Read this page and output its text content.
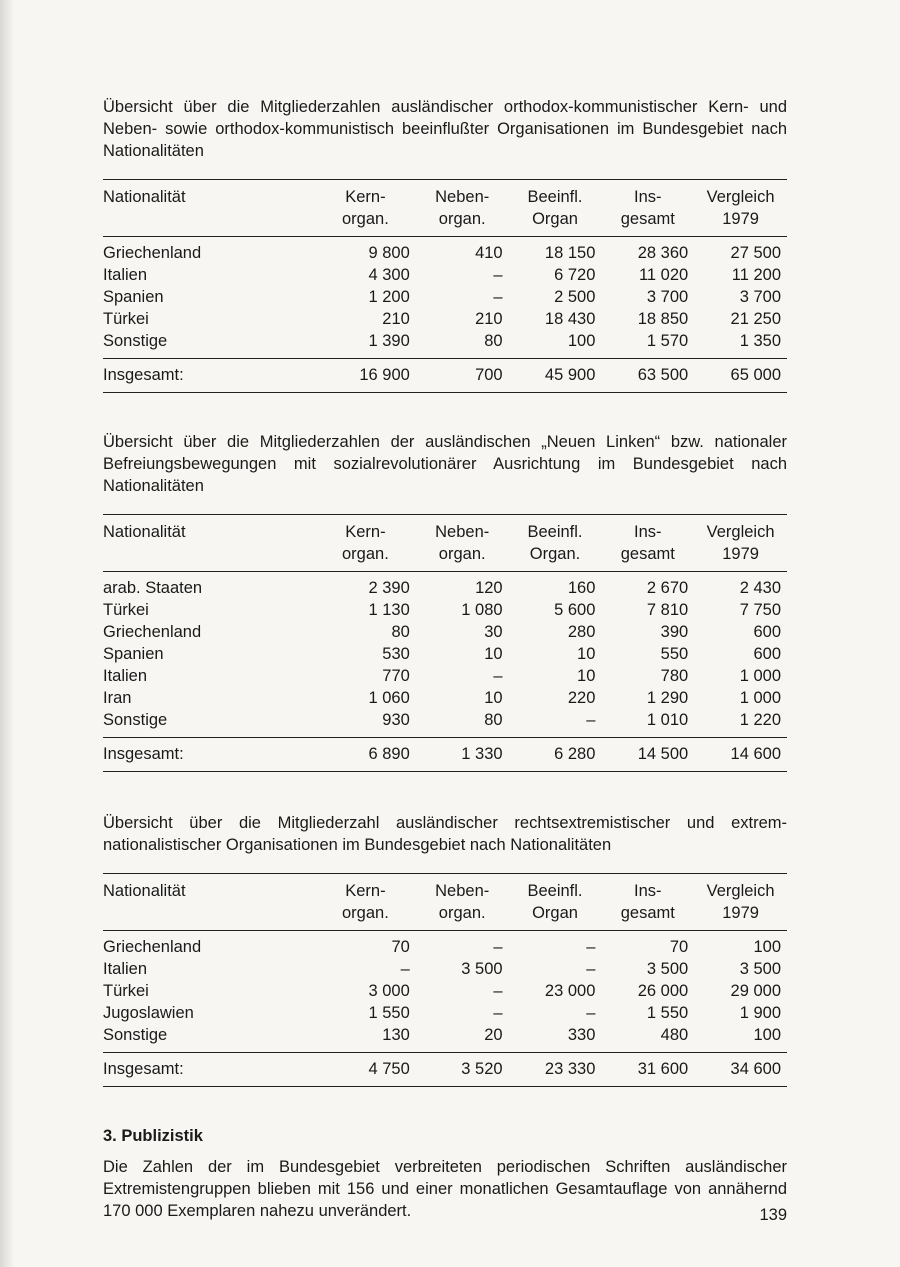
Übersicht über die Mitgliederzahlen ausländischer orthodox-kommunistischer Kern- und Neben- sowie orthodox-kommunistisch beeinflußter Organisationen im Bundesgebiet nach Nationalitäten

Nationalität	Kern-	Neben-	Beeinfl.	Ins-	Vergleich
	organ.	organ.	Organ	gesamt	1979
Griechenland	9 800	410	18 150	28 360	27 500
Italien	4 300	–	6 720	11 020	11 200
Spanien	1 200	–	2 500	3 700	3 700
Türkei	210	210	18 430	18 850	21 250
Sonstige	1 390	80	100	1 570	1 350
Insgesamt:	16 900	700	45 900	63 500	65 000

Übersicht über die Mitgliederzahlen der ausländischen „Neuen Linken“ bzw. nationaler Befreiungsbewegungen mit sozialrevolutionärer Ausrichtung im Bundesgebiet nach Nationalitäten

Nationalität	Kern-	Neben-	Beeinfl.	Ins-	Vergleich
	organ.	organ.	Organ.	gesamt	1979
arab. Staaten	2 390	120	160	2 670	2 430
Türkei	1 130	1 080	5 600	7 810	7 750
Griechenland	80	30	280	390	600
Spanien	530	10	10	550	600
Italien	770	–	10	780	1 000
Iran	1 060	10	220	1 290	1 000
Sonstige	930	80	–	1 010	1 220
Insgesamt:	6 890	1 330	6 280	14 500	14 600

Übersicht über die Mitgliederzahl ausländischer rechtsextremistischer und extrem-nationalistischer Organisationen im Bundesgebiet nach Nationalitäten

Nationalität	Kern-	Neben-	Beeinfl.	Ins-	Vergleich
	organ.	organ.	Organ	gesamt	1979
Griechenland	70	–	–	70	100
Italien	–	3 500	–	3 500	3 500
Türkei	3 000	–	23 000	26 000	29 000
Jugoslawien	1 550	–	–	1 550	1 900
Sonstige	130	20	330	480	100
Insgesamt:	4 750	3 520	23 330	31 600	34 600
3. Publizistik

Die Zahlen der im Bundesgebiet verbreiteten periodischen Schriften ausländischer Extremistengruppen blieben mit 156 und einer monatlichen Gesamtauflage von annähernd 170 000 Exemplaren nahezu unverändert.	139
